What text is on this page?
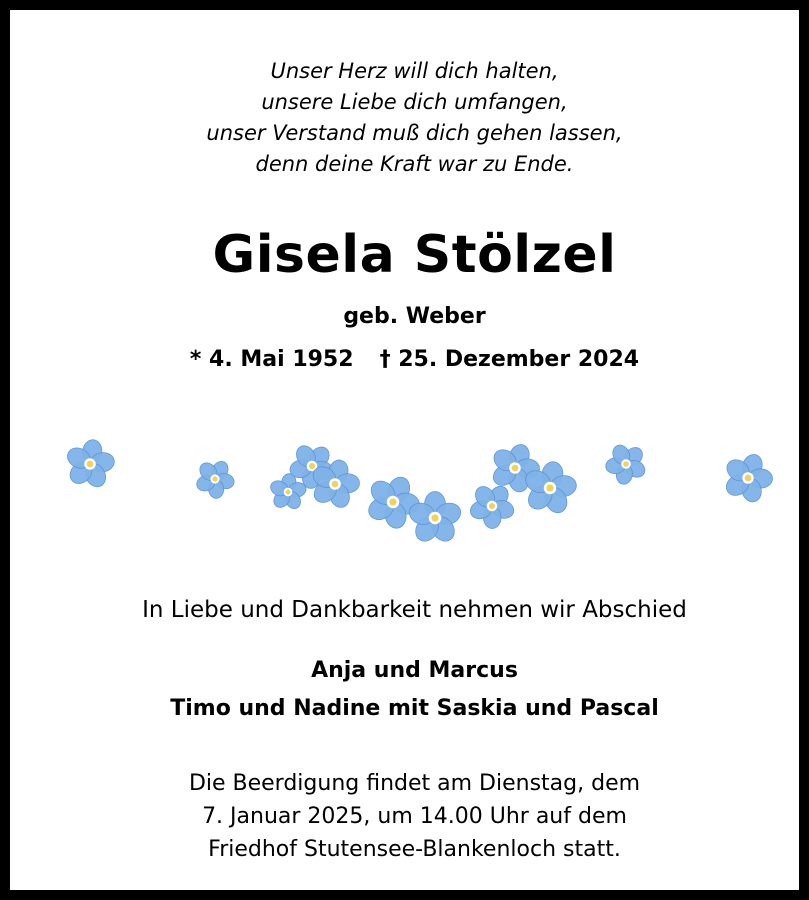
Unser Herz will dich halten,
unsere Liebe dich umfangen,
unser Verstand muß dich gehen lassen,
denn deine Kraft war zu Ende.
Gisela Stölzel
geb. Weber
* 4. Mai 1952 † 25. Dezember 2024
In Liebe und Dankbarkeit nehmen wir Abschied
Anja und Marcus
Timo und Nadine mit Saskia und Pascal
Die Beerdigung findet am Dienstag, dem
7. Januar 2025, um 14.00 Uhr auf dem
Friedhof Stutensee-Blankenloch statt.
